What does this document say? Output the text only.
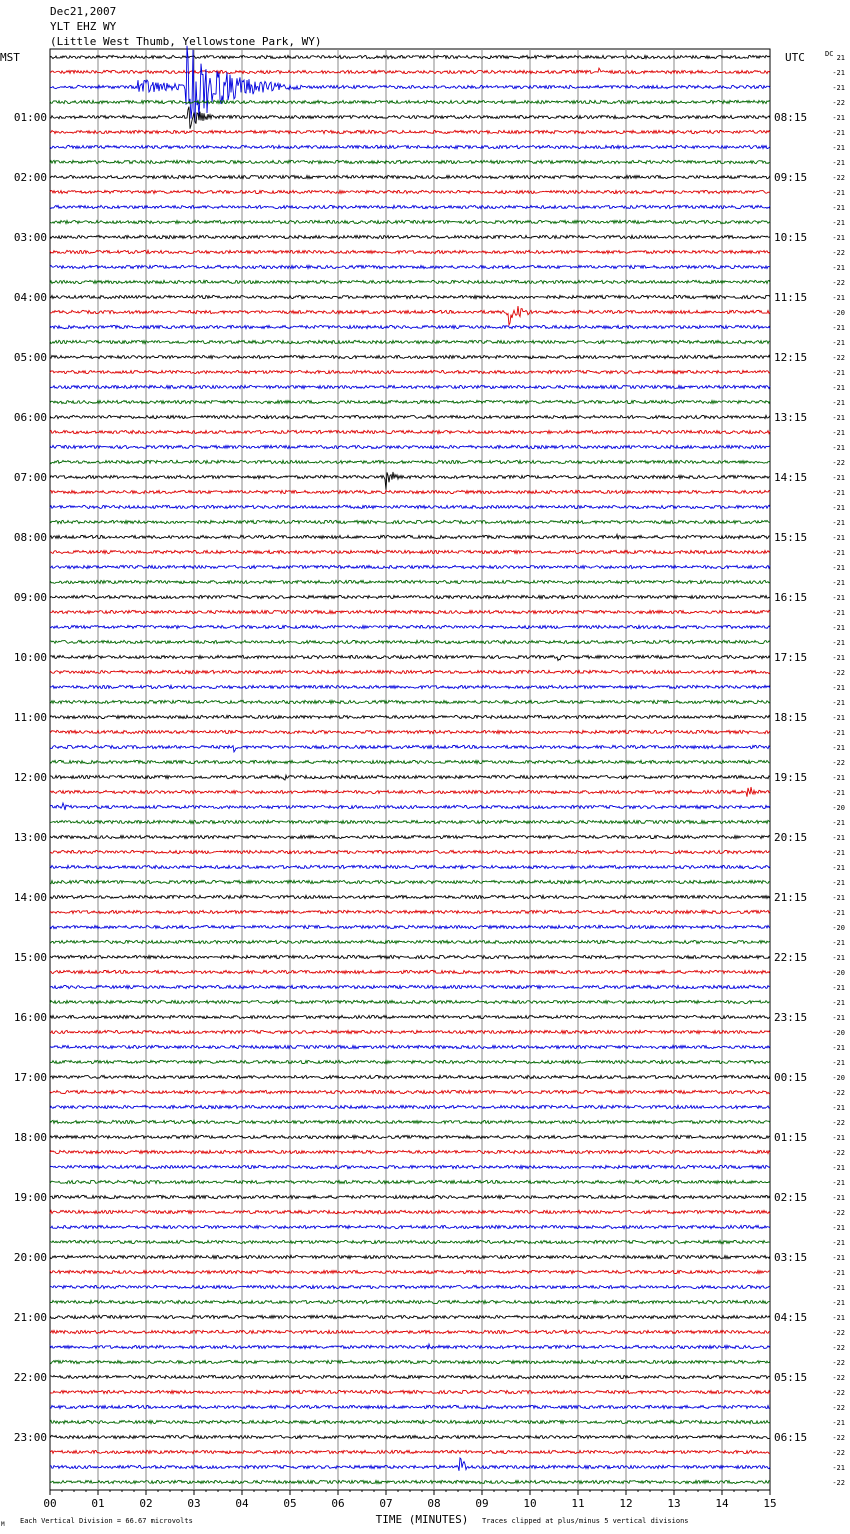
Dec21,2007
YLT EHZ WY
(Little West Thumb, Yellowstone Park, WY)
MST	UTC
01:00	08:15
02:00	09:15
03:00	10:15
04:00	11:15
05:00	12:15
06:00	13:15
07:00	14:15
08:00	15:15
09:00	16:15
10:00	17:15
11:00	18:15
12:00	19:15
13:00	20:15
14:00	21:15
15:00	22:15
16:00	23:15
17:00	00:15
18:00	01:15
19:00	02:15
20:00	03:15
21:00	04:15
22:00	05:15
23:00	06:15
DC 21
-21
-21
-22
-21
-21
-21
-21
-22
-21
-21
-21
-21
-22
-21
-22
-21
-20
-21
-21
-22
-21
-21
-21
-21
-21
-21
-22
-21
-21
-21
-21
-21
-21
-21
-21
-21
-21
-21
-21
-21
-22
-21
-21
-21
-21
-21
-22
-21
-21
-20
-21
-21
-21
-21
-21
-21
-21
-20
-21
-21
-20
-21
-21
-21
-20
-21
-21
-20
-22
-21
-22
-21
-22
-21
-21
-21
-22
-21
-21
-21
-21
-21
-21
-21
-22
-22
-22
-22
-22
-22
-21
-22
-22
-21
-22
00	01	02	03	04	05	06	07	08	09	10	11	12	13	14	15
TIME (MINUTES)
Each Vertical Division = 66.67 microvolts	Traces clipped at plus/minus 5 vertical divisions
M
